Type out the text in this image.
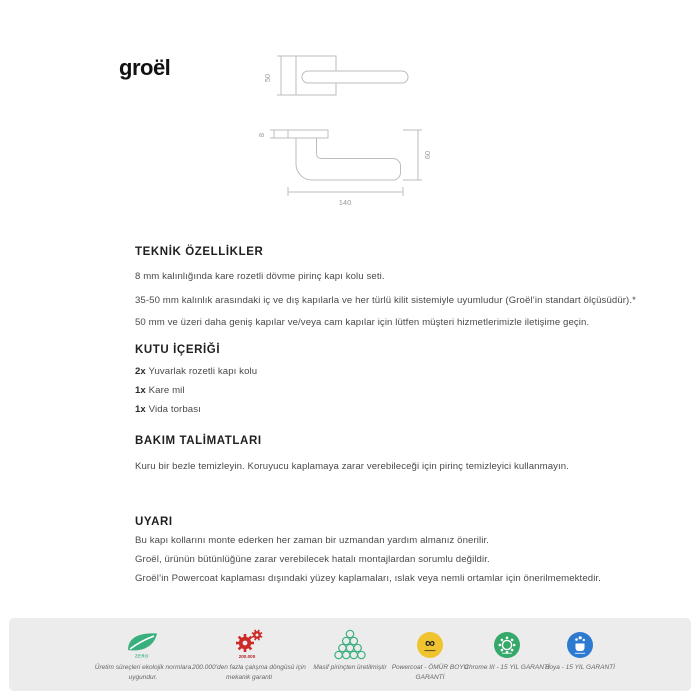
groël	50
8
60
140
TEKNİK ÖZELLİKLER

8 mm kalınlığında kare rozetli dövme pirinç kapı kolu seti.

35-50 mm kalınlık arasındaki iç ve dış kapılarla ve her türlü kilit sistemiyle uyumludur (Groël’in standart ölçüsüdür).*

50 mm ve üzeri daha geniş kapılar ve/veya cam kapılar için lütfen müşteri hizmetlerimizle iletişime geçin.

KUTU İÇERİĞİ

2x Yuvarlak rozetli kapı kolu

1x Kare mil

1x Vida torbası

BAKIM TALİMATLARI

Kuru bir bezle temizleyin. Koruyucu kaplamaya zarar verebileceği için pirinç temizleyici kullanmayın.

UYARI

Bu kapı kollarını monte ederken her zaman bir uzmandan yardım almanız önerilir.

Groël, ürünün bütünlüğüne zarar verebilecek hatalı montajlardan sorumlu değildir.

Groël’in Powercoat kaplaması dışındaki yüzey kaplamaları, ıslak veya nemli ortamlar için önerilmemektedir.

ZERO
Üretim süreçleri ekolojik normlara uygundur.
200.000
200.000’den fazla çalışma döngüsü için mekanik garanti
Masif pirinçten üretilmiştir
∞
Powercoat - ÖMÜR BOYU GARANTİ
Chrome III - 15 YIL GARANTİ
Boya - 15 YIL GARANTİ
